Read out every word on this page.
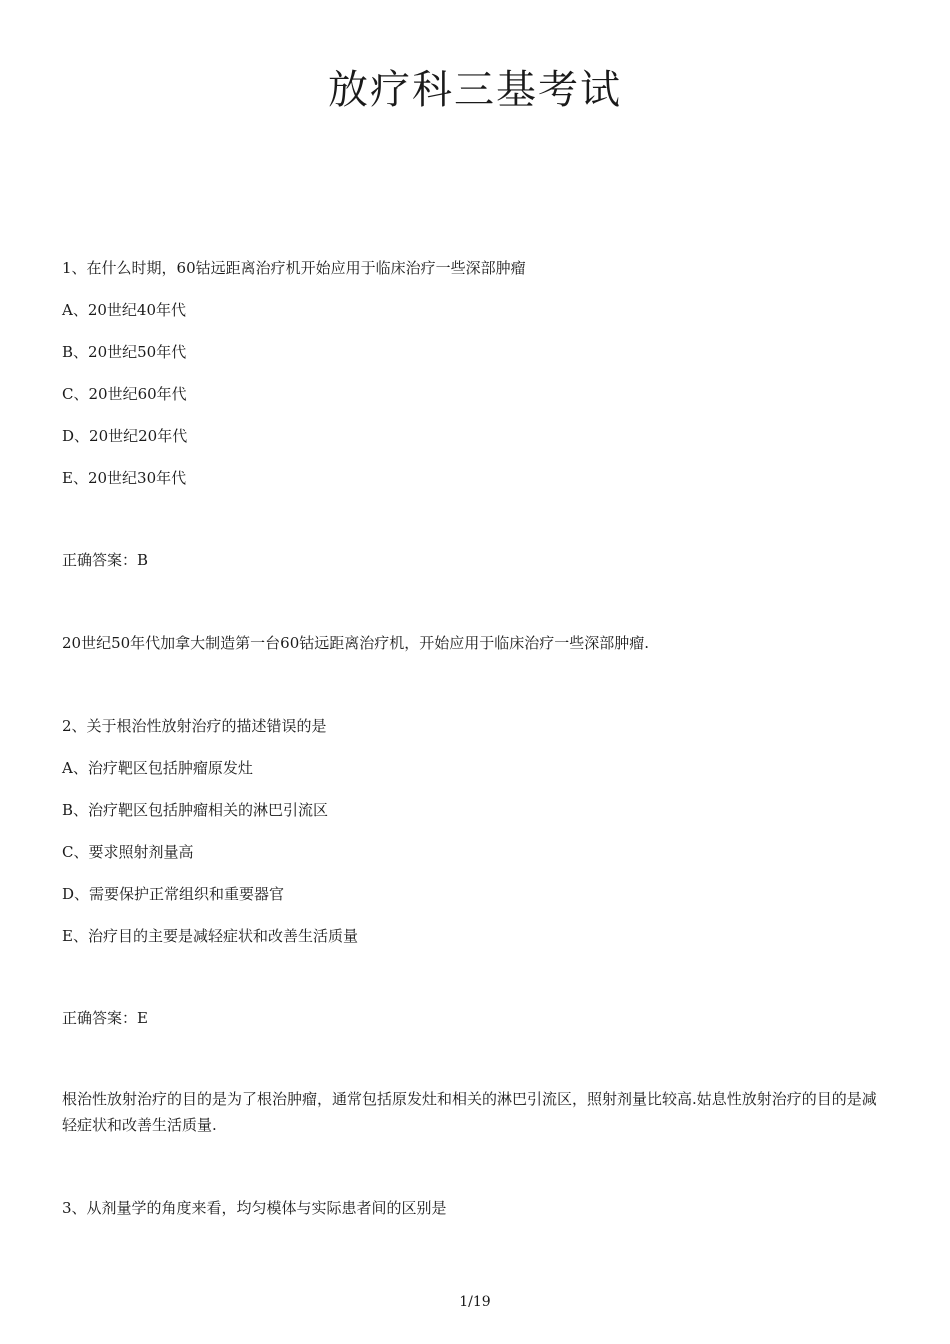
放疗科三基考试
1、在什么时期，60钴远距离治疗机开始应用于临床治疗一些深部肿瘤
A、20世纪40年代
B、20世纪50年代
C、20世纪60年代
D、20世纪20年代
E、20世纪30年代
正确答案：B
20世纪50年代加拿大制造第一台60钴远距离治疗机，开始应用于临床治疗一些深部肿瘤.
2、关于根治性放射治疗的描述错误的是
A、治疗靶区包括肿瘤原发灶
B、治疗靶区包括肿瘤相关的淋巴引流区
C、要求照射剂量高
D、需要保护正常组织和重要器官
E、治疗目的主要是减轻症状和改善生活质量
正确答案：E
根治性放射治疗的目的是为了根治肿瘤，通常包括原发灶和相关的淋巴引流区，照射剂量比较高.姑息性放射治疗的目的是减轻症状和改善生活质量.
3、从剂量学的角度来看，均匀模体与实际患者间的区别是
1/19
